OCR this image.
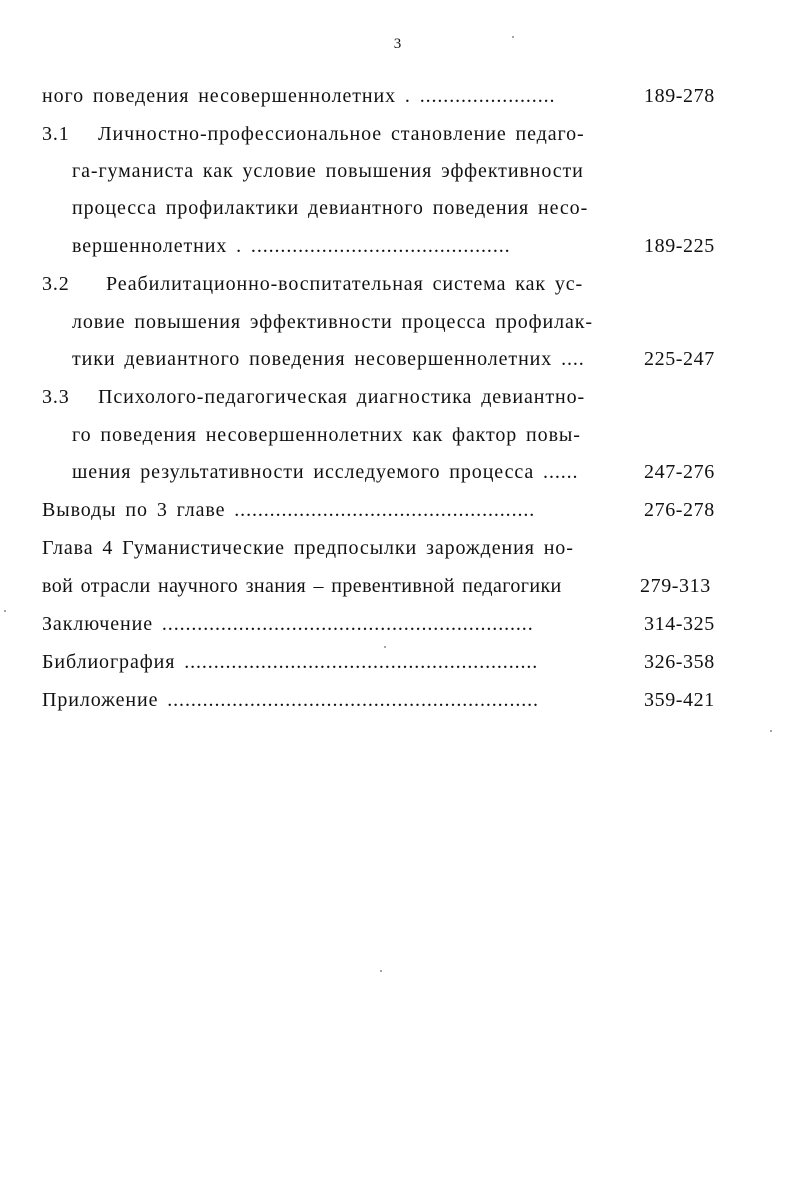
3
ного поведения несовершеннолетних . .......................	189-278
3.1 Личностно-профессиональное становление педаго-
га-гуманиста как условие повышения эффективности
процесса профилактики девиантного поведения несо-
вершеннолетних . ............................................	189-225
3.2 Реабилитационно-воспитательная система как ус-
ловие повышения эффективности процесса профилак-
тики девиантного поведения несовершеннолетних ....	225-247
3.3 Психолого-педагогическая диагностика девиантно-
го поведения несовершеннолетних как фактор повы-
шения результативности исследуемого процесса ......	247-276
Выводы по 3 главе ...................................................	276-278
Глава 4 Гуманистические предпосылки зарождения но-
вой отрасли научного знания – превентивной педагогики	279-313
Заключение ...............................................................	314-325
Библиография ............................................................	326-358
Приложение ...............................................................	359-421
